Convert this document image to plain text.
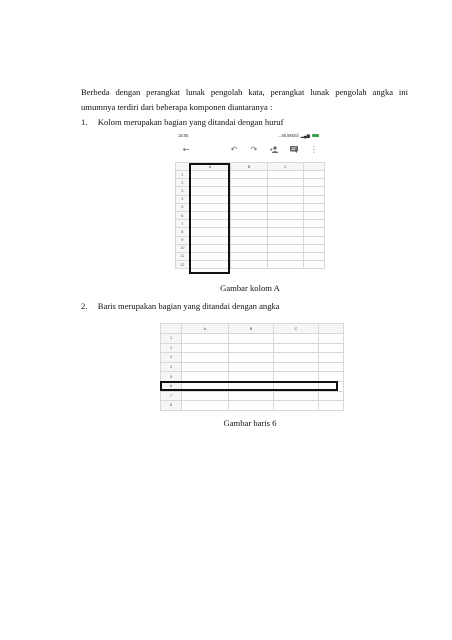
Berbeda dengan perangkat lunak pengolah kata, perangkat lunak pengolah angka ini
umumnya terdiri dari beberapa komponen diantaranya :
1. Kolom merupakan bagian yang ditandai dengan huruf
18:05	...46,8KB/d ▂▄▆
←	↶ ↷	⋮
	A	B	C	
1				
2				
3				
4				
5				
6				
7				
8				
9				
10				
11				
12				
Gambar kolom A
2. Baris merupakan bagian yang ditandai dengan angka
	A	B	C	
1				
2				
3				
4				
5				
6				
7				
8				
Gambar baris 6
